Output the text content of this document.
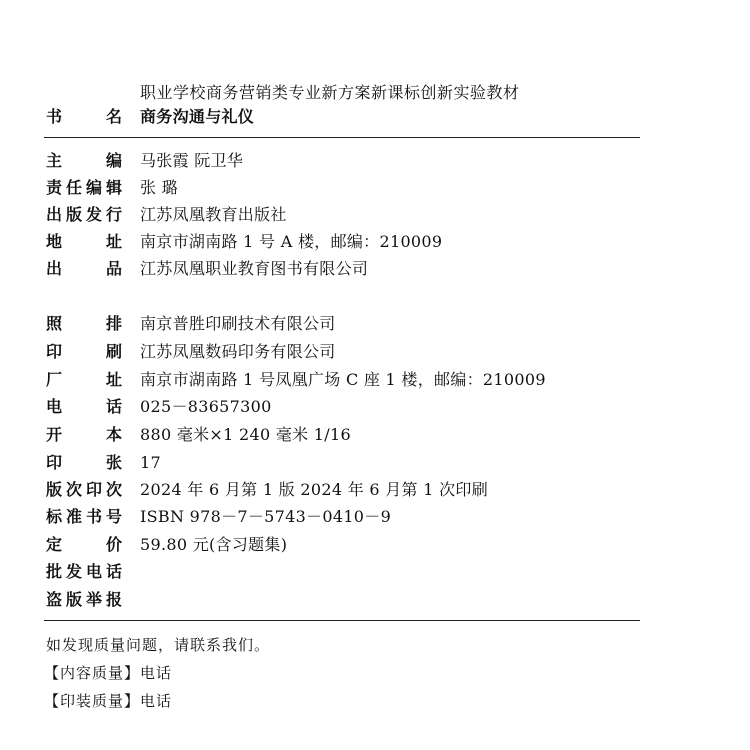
职业学校商务营销类专业新方案新课标创新实验教材
书 名 商务沟通与礼仪
主 编 马张霞 阮卫华
责任编辑 张 璐
出版发行 江苏凤凰教育出版社
地 址 南京市湖南路 1 号 A 楼，邮编：210009
出 品 江苏凤凰职业教育图书有限公司
照 排 南京普胜印刷技术有限公司
印 刷 江苏凤凰数码印务有限公司
厂 址 南京市湖南路 1 号凤凰广场 C 座 1 楼，邮编：210009
电 话 025－83657300
开 本 880 毫米×1 240 毫米 1/16
印 张 17
版次印次 2024 年 6 月第 1 版 2024 年 6 月第 1 次印刷
标准书号 ISBN 978－7－5743－0410－9
定 价 59.80 元(含习题集)
批发电话
盗版举报
如发现质量问题，请联系我们。
【内容质量】电话
【印装质量】电话
